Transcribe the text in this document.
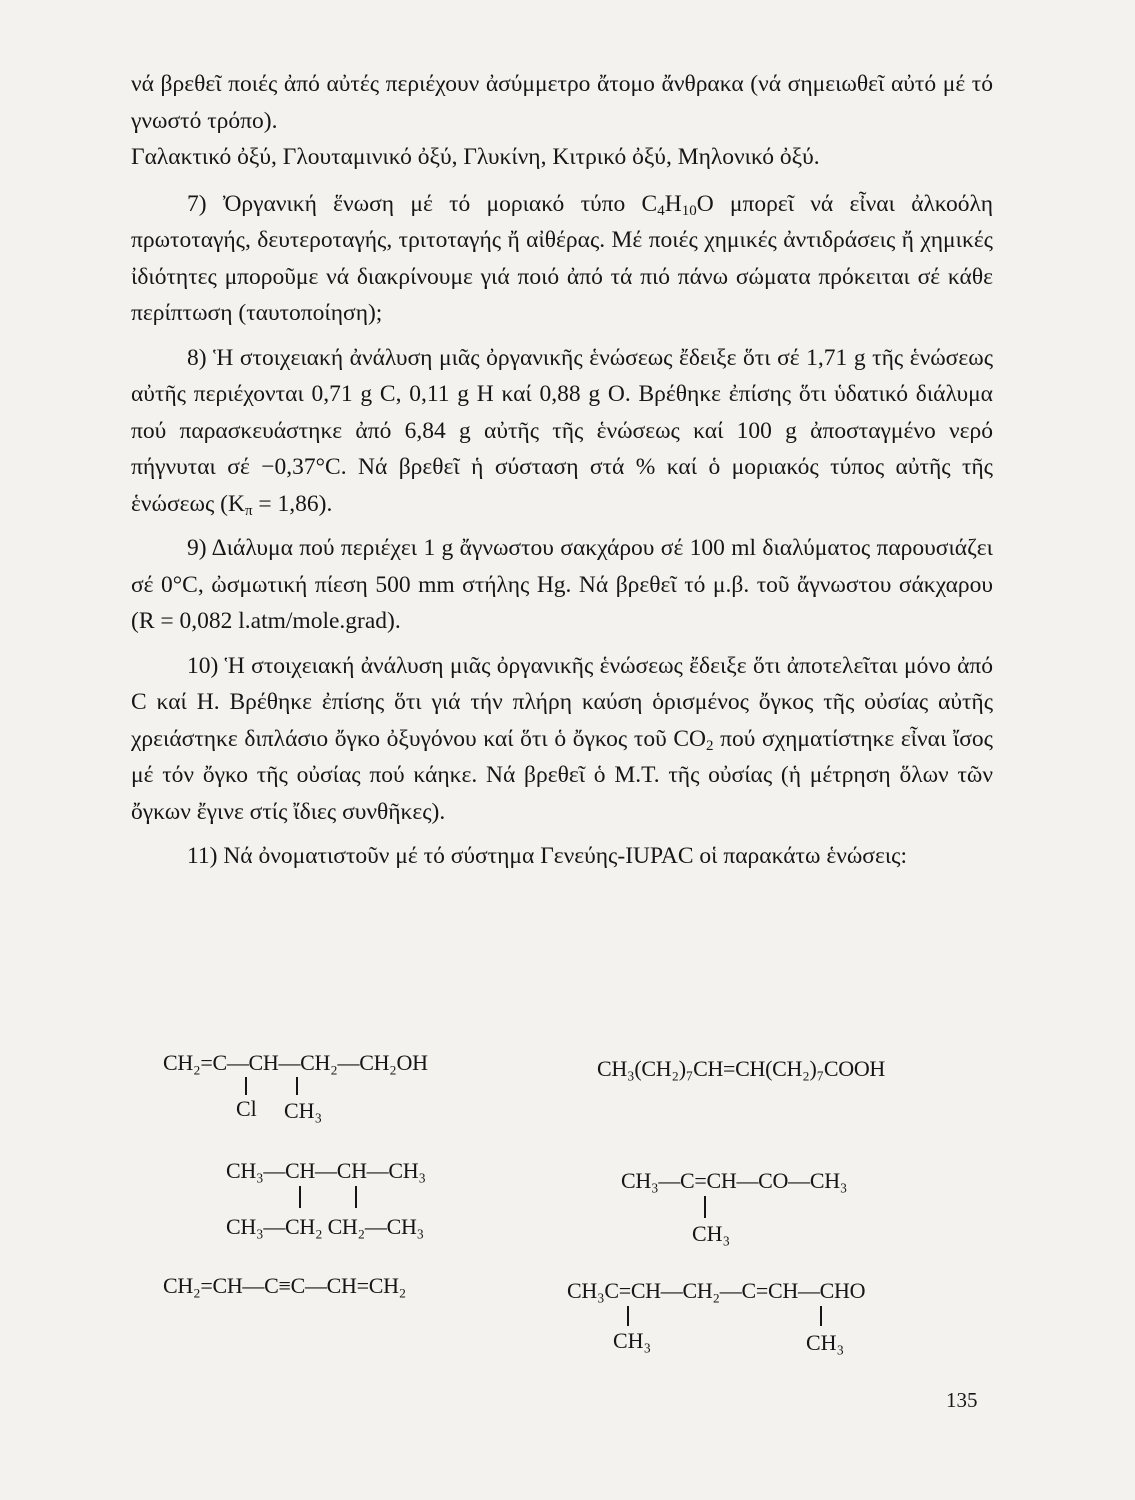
νά βρεθεῖ ποιές ἀπό αὐτές περιέχουν ἀσύμμετρο ἄτομο ἄνθρακα (νά σημειωθεῖ αὐτό μέ τό γνωστό τρόπο).

Γαλακτικό ὀξύ, Γλουταμινικό ὀξύ, Γλυκίνη, Κιτρικό ὀξύ, Μηλονικό ὀξύ.

7) Ὀργανική ἕνωση μέ τό μοριακό τύπο $C_4H_{10}O$ μπορεῖ νά εἶναι ἀλκοόλη πρωτοταγής, δευτεροταγής, τριτοταγής ἤ αἰθέρας. Μέ ποιές χημικές ἀντιδράσεις ἤ χημικές ἰδιότητες μποροῦμε νά διακρίνουμε γιά ποιό ἀπό τά πιό πάνω σώματα πρόκειται σέ κάθε περίπτωση (ταυτοποίηση);

8) Ἡ στοιχειακή ἀνάλυση μιᾶς ὀργανικῆς ἑνώσεως ἔδειξε ὅτι σέ 1,71 g τῆς ἑνώσεως αὐτῆς περιέχονται 0,71 g C, 0,11 g H καί 0,88 g O. Βρέθηκε ἐπίσης ὅτι ὑδατικό διάλυμα πού παρασκευάστηκε ἀπό 6,84 g αὐτῆς τῆς ἑνώσεως καί 100 g ἀποσταγμένο νερό πήγνυται σέ −0,37°C. Νά βρεθεῖ ἡ σύσταση στά % καί ὁ μοριακός τύπος αὐτῆς τῆς ἑνώσεως $(K_\pi = 1,86)$.

9) Διάλυμα πού περιέχει 1 g ἄγνωστου σακχάρου σέ 100 ml διαλύματος παρουσιάζει σέ 0°C, ὠσμωτική πίεση 500 mm στήλης Hg. Νά βρεθεῖ τό μ.β. τοῦ ἄγνωστου σάκχαρου (R = 0,082 l.atm/mole.grad).

10) Ἡ στοιχειακή ἀνάλυση μιᾶς ὀργανικῆς ἑνώσεως ἔδειξε ὅτι ἀποτελεῖται μόνο ἀπό C καί H. Βρέθηκε ἐπίσης ὅτι γιά τήν πλήρη καύση ὁρισμένος ὄγκος τῆς οὐσίας αὐτῆς χρειάστηκε διπλάσιο ὄγκο ὀξυγόνου καί ὅτι ὁ ὄγκος τοῦ $CO_2$ πού σχηματίστηκε εἶναι ἴσος μέ τόν ὄγκο τῆς οὐσίας πού κάηκε. Νά βρεθεῖ ὁ Μ.Τ. τῆς οὐσίας (ἡ μέτρηση ὅλων τῶν ὄγκων ἔγινε στίς ἴδιες συνθῆκες).

11) Νά ὀνοματιστοῦν μέ τό σύστημα Γενεύης-IUPAC οἱ παρακάτω ἑνώσεις:

CH₂=C—CH—CH₂—CH₂OH
Cl CH₃
CH₃(CH₂)₇CH=CH(CH₂)₇COOH
CH₃—CH—CH—CH₃
CH₃—CH₂ CH₂—CH₃
CH₃—C=CH—CO—CH₃
CH₃
CH₂=CH—C≡C—CH=CH₂	CH₃C=CH—CH₂—C=CH—CHO
CH₃	CH₃
135
